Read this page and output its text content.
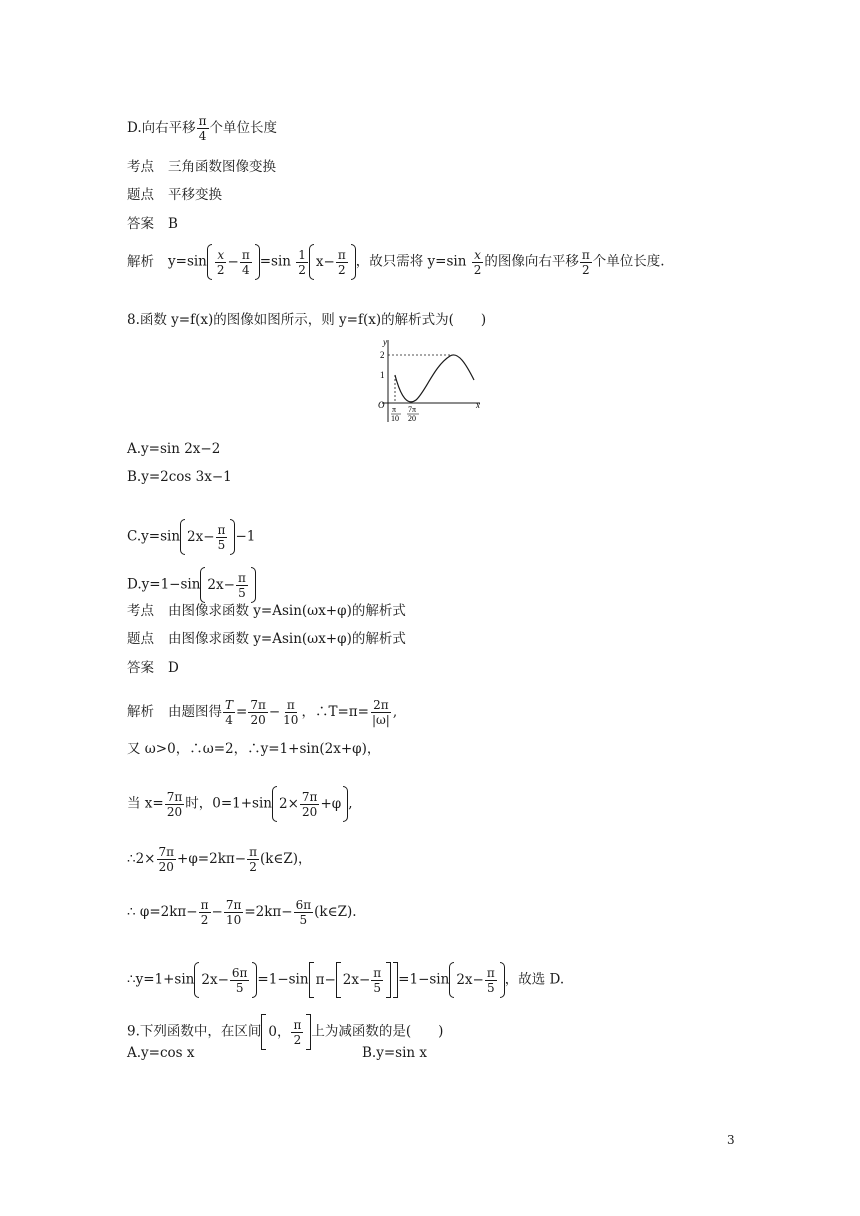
D.向右平移 $\frac{\pi}{4}$ 个单位长度
考点 三角函数图像变换
题点 平移变换
答案 B
解析 $y=\sin \frac{x}{2} - \frac{\pi}{4} =\sin \frac{1}{2} x- \frac{\pi}{2}$ ，故只需将 $y=\sin \frac{x}{2}$ 的图像向右平移 $\frac{\pi}{2}$ 个单位长度.
8.函数 y=f(x)的图像如图所示，则 y=f(x)的解析式为(　　)
y
x
O
2
1
π
10
7π
20
A.y=sin 2x−2
B.y=2cos 3x−1
C.y=sin $2x- \frac{\pi}{5} -1$
D.y=1−sin $2x- \frac{\pi}{5}$
考点 由图像求函数 y=Asin(ωx+φ)的解析式
题点 由图像求函数 y=Asin(ωx+φ)的解析式
答案 D
解析 由题图得 $\frac{T}{4} = \frac{7\pi}{20} - \frac{\pi}{10}$ ，∴T=π= $\frac{2\pi}{|\omega|}$ ,
又 ω>0，∴ω=2，∴y=1+sin(2x+φ)，
当 $x= \frac{7\pi}{20}$ 时，0=1+sin $2\times \frac{7\pi}{20} +\varphi$ ,
∴2× $\frac{7\pi}{20} +\varphi=2k\pi- \frac{\pi}{2}$ (k∈Z)，
∴ $\varphi=2k\pi- \frac{\pi}{2} - \frac{7\pi}{10} =2k\pi- \frac{6\pi}{5}$ (k∈Z).
∴y=1+sin $2x- \frac{6\pi}{5} =1-\sin$ $\pi- 2x- \frac{\pi}{5} =1-\sin$ $2x- \frac{\pi}{5}$ ，故选 D.
9.下列函数中，在区间 0， $\frac{\pi}{2}$ 上为减函数的是(　　)
A.y=cos x	B.y=sin x
3
